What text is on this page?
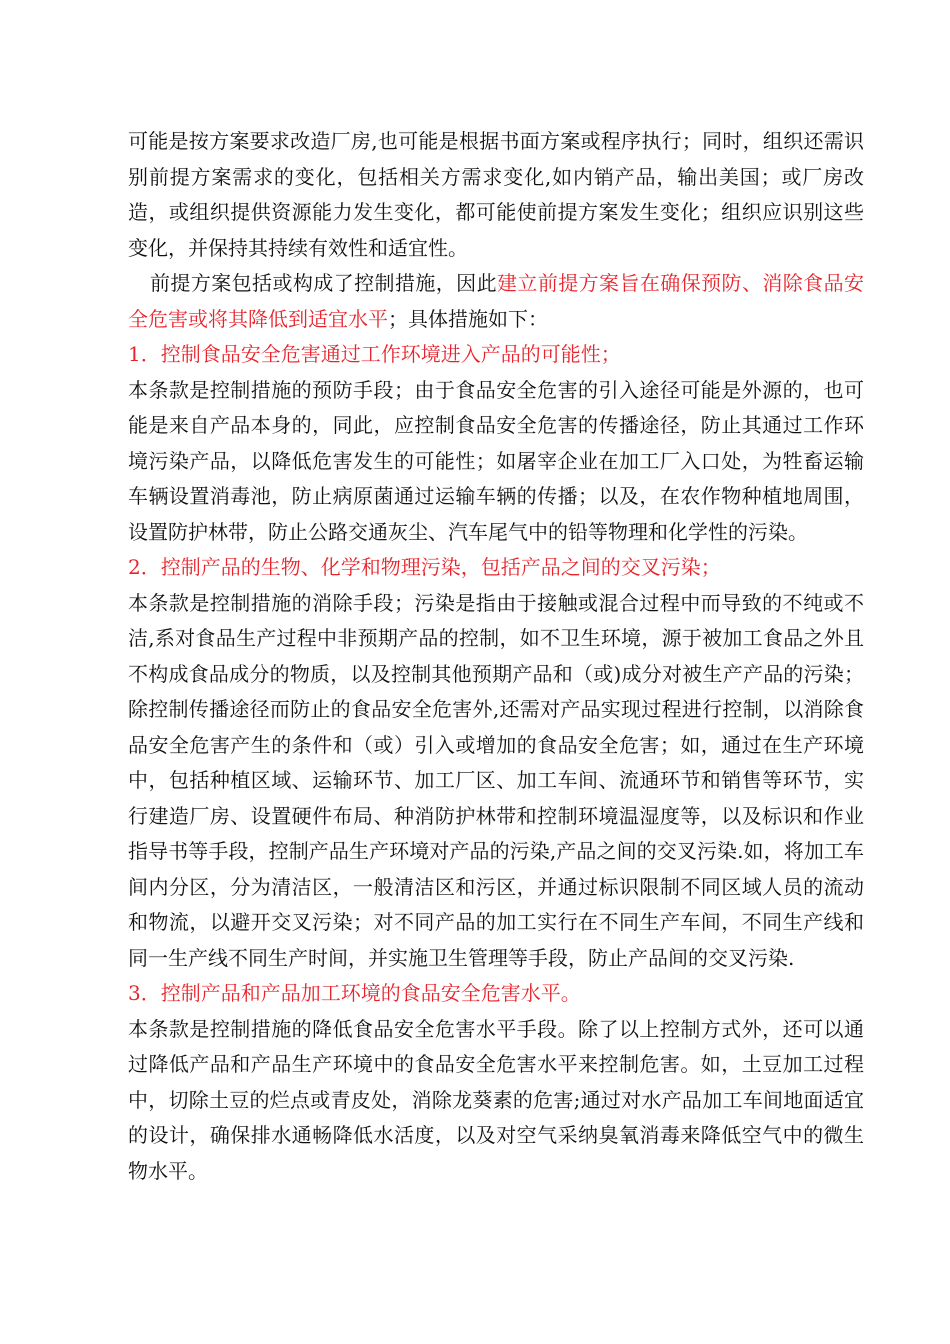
可能是按方案要求改造厂房,也可能是根据书面方案或程序执行；同时，组织还需识别前提方案需求的变化，包括相关方需求变化,如内销产品，输出美国；或厂房改造，或组织提供资源能力发生变化，都可能使前提方案发生变化；组织应识别这些变化，并保持其持续有效性和适宜性。

前提方案包括或构成了控制措施，因此建立前提方案旨在确保预防、消除食品安全危害或将其降低到适宜水平；具体措施如下：

1．控制食品安全危害通过工作环境进入产品的可能性；

本条款是控制措施的预防手段；由于食品安全危害的引入途径可能是外源的，也可能是来自产品本身的，同此，应控制食品安全危害的传播途径，防止其通过工作环境污染产品，以降低危害发生的可能性；如屠宰企业在加工厂入口处，为牲畜运输车辆设置消毒池，防止病原菌通过运输车辆的传播；以及，在农作物种植地周围，设置防护林带，防止公路交通灰尘、汽车尾气中的铅等物理和化学性的污染。

2．控制产品的生物、化学和物理污染，包括产品之间的交叉污染；

本条款是控制措施的消除手段；污染是指由于接触或混合过程中而导致的不纯或不洁,系对食品生产过程中非预期产品的控制，如不卫生环境，源于被加工食品之外且不构成食品成分的物质，以及控制其他预期产品和（或)成分对被生产产品的污染；除控制传播途径而防止的食品安全危害外,还需对产品实现过程进行控制，以消除食品安全危害产生的条件和（或）引入或增加的食品安全危害；如，通过在生产环境中，包括种植区域、运输环节、加工厂区、加工车间、流通环节和销售等环节，实行建造厂房、设置硬件布局、种消防护林带和控制环境温湿度等，以及标识和作业指导书等手段，控制产品生产环境对产品的污染,产品之间的交叉污染.如，将加工车间内分区，分为清洁区，一般清洁区和污区，并通过标识限制不同区域人员的流动和物流，以避开交叉污染；对不同产品的加工实行在不同生产车间，不同生产线和同一生产线不同生产时间，并实施卫生管理等手段，防止产品间的交叉污染.

3．控制产品和产品加工环境的食品安全危害水平。

本条款是控制措施的降低食品安全危害水平手段。除了以上控制方式外，还可以通过降低产品和产品生产环境中的食品安全危害水平来控制危害。如，土豆加工过程中，切除土豆的烂点或青皮处，消除龙葵素的危害;通过对水产品加工车间地面适宜的设计，确保排水通畅降低水活度，以及对空气采纳臭氧消毒来降低空气中的微生物水平。
